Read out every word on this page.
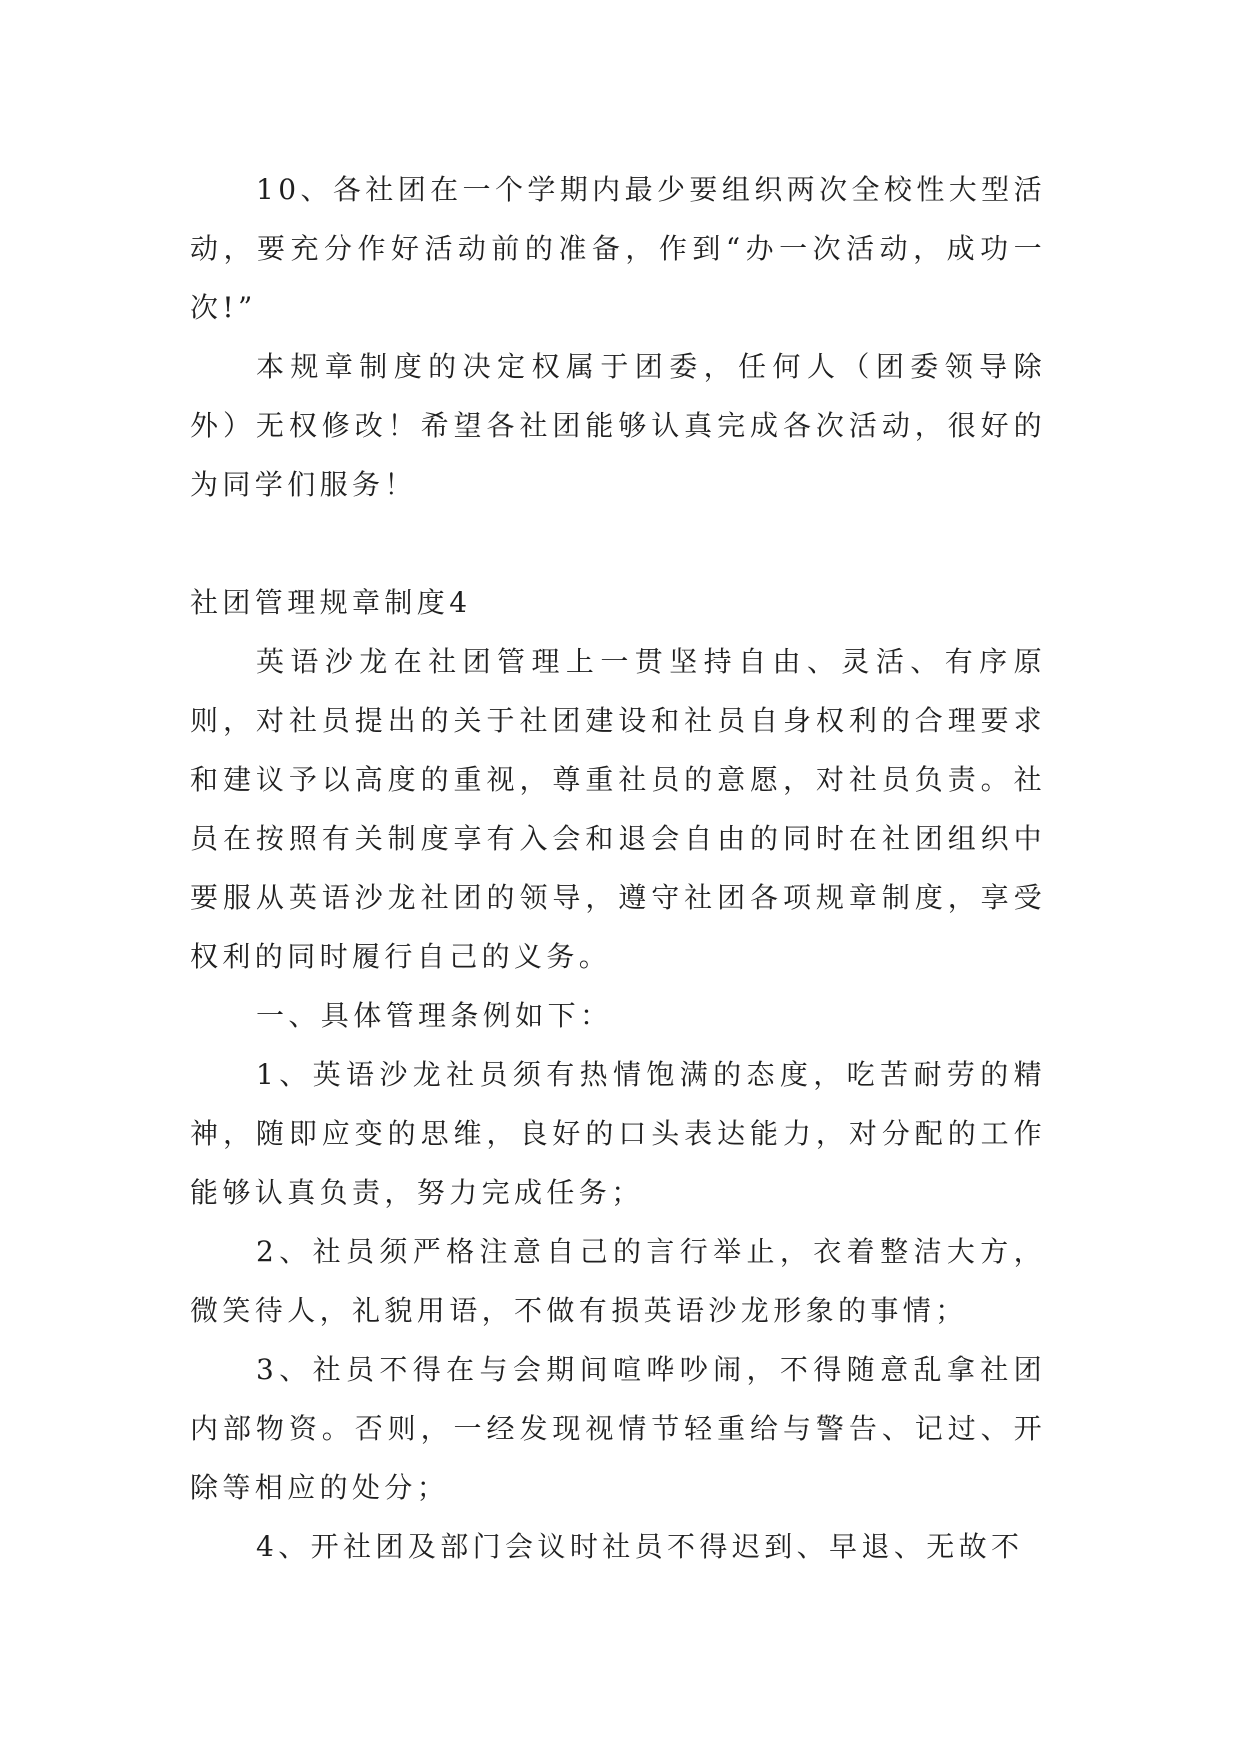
10、各社团在一个学期内最少要组织两次全校性大型活动，要充分作好活动前的准备，作到“办一次活动，成功一次!”

本规章制度的决定权属于团委，任何人（团委领导除外）无权修改！希望各社团能够认真完成各次活动，很好的为同学们服务！

社团管理规章制度4

英语沙龙在社团管理上一贯坚持自由、灵活、有序原则，对社员提出的关于社团建设和社员自身权利的合理要求和建议予以高度的重视，尊重社员的意愿，对社员负责。社员在按照有关制度享有入会和退会自由的同时在社团组织中要服从英语沙龙社团的领导，遵守社团各项规章制度，享受权利的同时履行自己的义务。

一、具体管理条例如下：

1、英语沙龙社员须有热情饱满的态度，吃苦耐劳的精神，随即应变的思维，良好的口头表达能力，对分配的工作能够认真负责，努力完成任务；

2、社员须严格注意自己的言行举止，衣着整洁大方，微笑待人，礼貌用语，不做有损英语沙龙形象的事情；

3、社员不得在与会期间喧哗吵闹，不得随意乱拿社团内部物资。否则，一经发现视情节轻重给与警告、记过、开除等相应的处分；

4、开社团及部门会议时社员不得迟到、早退、无故不
